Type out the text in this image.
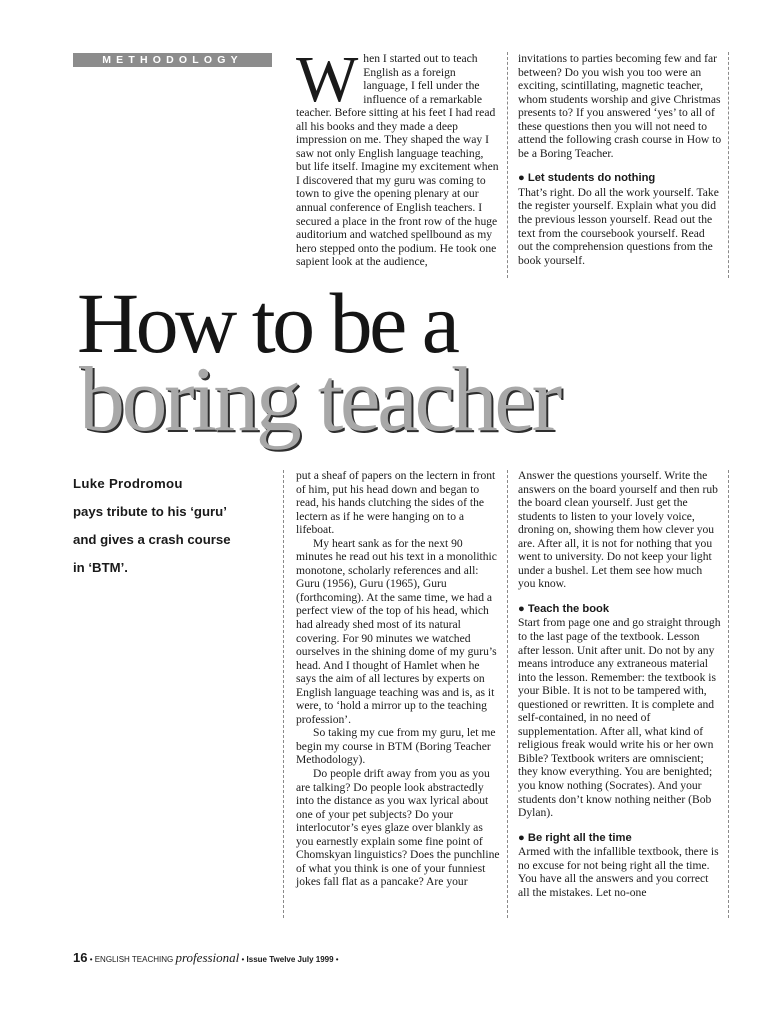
METHODOLOGY When I started out to teach English as a foreign language, I fell under the influence of a remarkable teacher. Before sitting at his feet I had read all his books and they made a deep impression on me. They shaped the way I saw not only English language teaching, but life itself. Imagine my excitement when I discovered that my guru was coming to town to give the opening plenary at our annual conference of English teachers. I secured a place in the front row of the huge auditorium and watched spellbound as my hero stepped onto the podium. He took one sapient look at the audience,

invitations to parties becoming few and far between? Do you wish you too were an exciting, scintillating, magnetic teacher, whom students worship and give Christmas presents to? If you answered ‘yes’ to all of these questions then you will not need to attend the following crash course in How to be a Boring Teacher.

● Let students do nothing

That’s right. Do all the work yourself. Take the register yourself. Explain what you did the previous lesson yourself. Read out the text from the coursebook yourself. Read out the comprehension questions from the book yourself.

How to be a
boring teacher
Luke Prodromou
pays tribute to his ‘guru’
and gives a crash course
in ‘BTM’.

put a sheaf of papers on the lectern in front of him, put his head down and began to read, his hands clutching the sides of the lectern as if he were hanging on to a lifeboat.

My heart sank as for the next 90 minutes he read out his text in a monolithic monotone, scholarly references and all: Guru (1956), Guru (1965), Guru (forthcoming). At the same time, we had a perfect view of the top of his head, which had already shed most of its natural covering. For 90 minutes we watched ourselves in the shining dome of my guru’s head. And I thought of Hamlet when he says the aim of all lectures by experts on English language teaching was and is, as it were, to ‘hold a mirror up to the teaching profession’.

So taking my cue from my guru, let me begin my course in BTM (Boring Teacher Methodology).

Do people drift away from you as you are talking? Do people look abstractedly into the distance as you wax lyrical about one of your pet subjects? Do your interlocutor’s eyes glaze over blankly as you earnestly explain some fine point of Chomskyan linguistics? Does the punchline of what you think is one of your funniest jokes fall flat as a pancake? Are your

Answer the questions yourself. Write the answers on the board yourself and then rub the board clean yourself. Just get the students to listen to your lovely voice, droning on, showing them how clever you are. After all, it is not for nothing that you went to university. Do not keep your light under a bushel. Let them see how much you know.

● Teach the book

Start from page one and go straight through to the last page of the textbook. Lesson after lesson. Unit after unit. Do not by any means introduce any extraneous material into the lesson. Remember: the textbook is your Bible. It is not to be tampered with, questioned or rewritten. It is complete and self-contained, in no need of supplementation. After all, what kind of religious freak would write his or her own Bible? Textbook writers are omniscient; they know everything. You are benighted; you know nothing (Socrates). And your students don’t know nothing neither (Bob Dylan).

● Be right all the time

Armed with the infallible textbook, there is no excuse for not being right all the time. You have all the answers and you correct all the mistakes. Let no-one

16 • ENGLISH TEACHING professional • Issue Twelve July 1999 •
